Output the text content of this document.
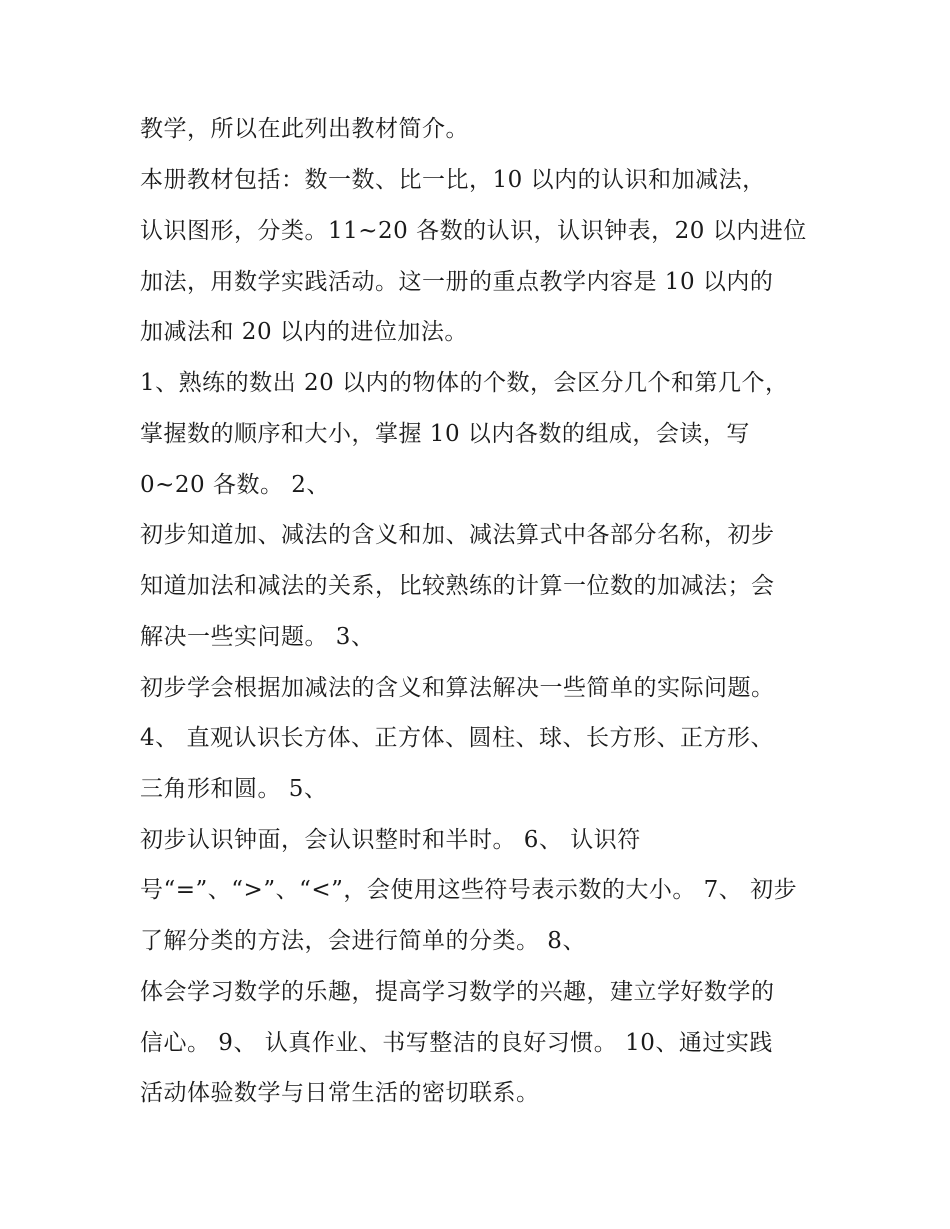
教学，所以在此列出教材简介。
本册教材包括：数一数、比一比，10 以内的认识和加减法，
认识图形，分类。11~20 各数的认识，认识钟表，20 以内进位
加法，用数学实践活动。这一册的重点教学内容是 10 以内的
加减法和 20 以内的进位加法。
1、熟练的数出 20 以内的物体的个数，会区分几个和第几个，
掌握数的顺序和大小，掌握 10 以内各数的组成，会读，写
0~20 各数。 2、
初步知道加、减法的含义和加、减法算式中各部分名称，初步
知道加法和减法的关系，比较熟练的计算一位数的加减法；会
解决一些实问题。 3、
初步学会根据加减法的含义和算法解决一些简单的实际问题。
4、 直观认识长方体、正方体、圆柱、球、长方形、正方形、
三角形和圆。 5、
初步认识钟面，会认识整时和半时。 6、 认识符
号“=”、“>”、“<”，会使用这些符号表示数的大小。 7、 初步
了解分类的方法，会进行简单的分类。 8、
体会学习数学的乐趣，提高学习数学的兴趣，建立学好数学的
信心。 9、 认真作业、书写整洁的良好习惯。 10、通过实践
活动体验数学与日常生活的密切联系。
